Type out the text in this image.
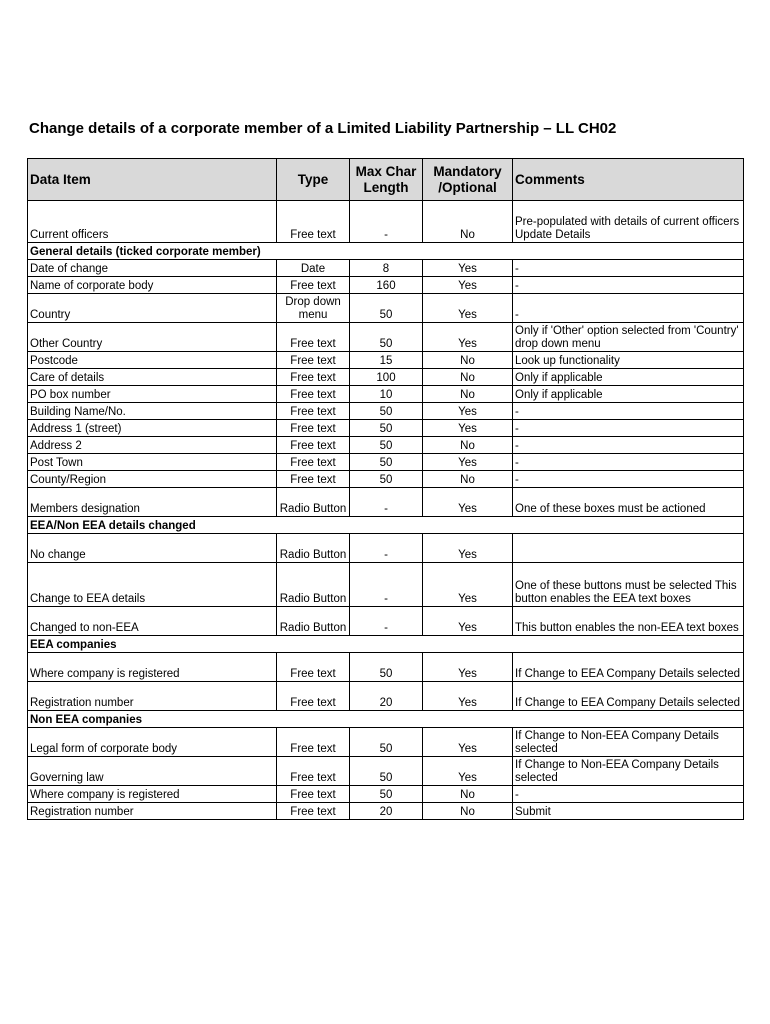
Change details of a corporate member of a Limited Liability Partnership – LL CH02
Data Item	Type	Max Char Length	Mandatory /Optional	Comments
Current officers	Free text	-	No	Pre-populated with details of current officers Update Details
General details (ticked corporate member)				
Date of change	Date	8	Yes	-
Name of corporate body	Free text	160	Yes	-
Country	Drop down menu	50	Yes	-
Other Country	Free text	50	Yes	Only if 'Other' option selected from 'Country' drop down menu
Postcode	Free text	15	No	Look up functionality
Care of details	Free text	100	No	Only if applicable
PO box number	Free text	10	No	Only if applicable
Building Name/No.	Free text	50	Yes	-
Address 1 (street)	Free text	50	Yes	-
Address 2	Free text	50	No	-
Post Town	Free text	50	Yes	-
County/Region	Free text	50	No	-
Members designation	Radio Button	-	Yes	One of these boxes must be actioned
EEA/Non EEA details changed				
No change	Radio Button	-	Yes	
Change to EEA details	Radio Button	-	Yes	One of these buttons must be selected This button enables the EEA text boxes
Changed to non-EEA	Radio Button	-	Yes	This button enables the non-EEA text boxes
EEA companies				
Where company is registered	Free text	50	Yes	If Change to EEA Company Details selected
Registration number	Free text	20	Yes	If Change to EEA Company Details selected
Non EEA companies				
Legal form of corporate body	Free text	50	Yes	If Change to Non-EEA Company Details selected
Governing law	Free text	50	Yes	If Change to Non-EEA Company Details selected
Where company is registered	Free text	50	No	-
Registration number	Free text	20	No	Submit
